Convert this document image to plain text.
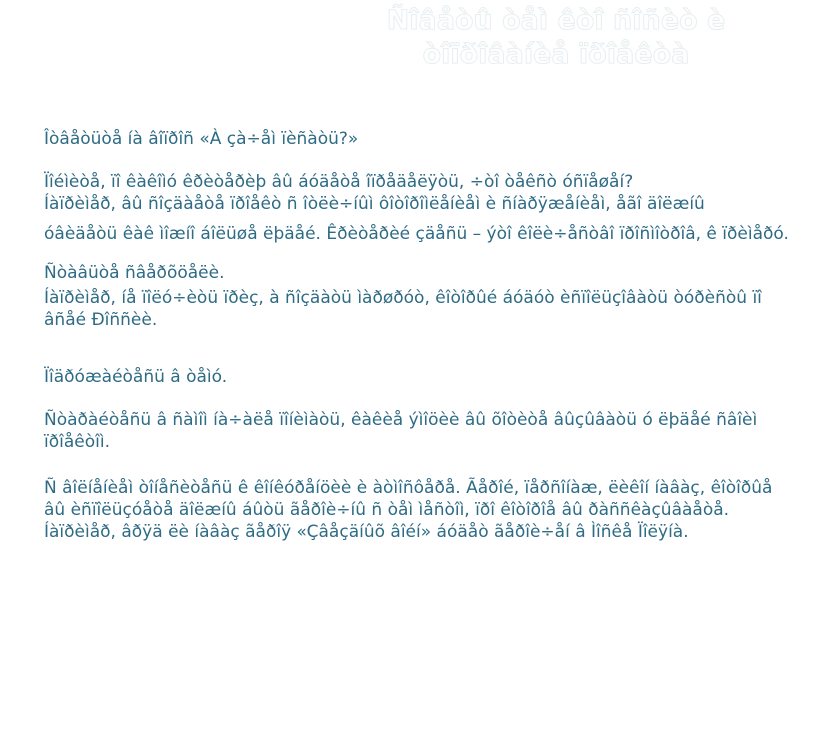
Ñîâåòû òåì êòî ñîñèò è
òîïðîâàíèå ïðîåêòà

Îòâåòüòå íà âîïðîñ «À çà÷åì ïèñàòü?»

Ïîéìèòå, ïî êàêîìó êðèòåðèþ âû áóäåòå îïðåäåëÿòü, ÷òî òåêñò óñïåøåí?

Íàïðèìåð, âû ñîçäàåòå ïðîåêò ñ îòëè÷íûì ôîòîðîìëåíèåì è ñíàðÿæåíèåì, åãî äîëæíû
óâèäåòü êàê ìîæíî áîëüøå ëþäåé. Êðèòåðèé çäåñü – ýòî êîëè÷åñòâî ïðîñìîòðîâ, ê ïðèìåðó.

Ñòàâüòå ñâåðõöåëè.

Íàïðèìåð, íå ïîëó÷èòü ïðèç, à ñîçäàòü ìàðøðóò, êîòîðûé áóäóò èñïîëüçîâàòü òóðèñòû ïî âñåé Ðîññèè.

Ïîäðóæàéòåñü â òåìó.

Ñòàðàéòåñü â ñàìîì íà÷àëå ïîíèìàòü, êàêèå ýìîöèè âû õîòèòå âûçûâàòü ó ëþäåé ñâîèì ïðîåêòîì.

Ñ âîëíåíèåì òîíåñèòåñü ê êîíêóðåíöèè è àòìîñôåðå. Ãåðîé, ïåðñîíàæ, ëèêîí íàâàç, êîòîðûå âû èñïîëüçóåòå äîëæíû áûòü ãåðîè÷íû ñ òåì ìåñòîì, ïðî êîòîðîå âû ðàññêàçûâàåòå. Íàïðèìåð, âðÿä ëè íàâàç ãåðîÿ «Çâåçäíûõ âîéí» áóäåò ãåðîè÷åí â Ìîñêå Ïîëÿíà.
